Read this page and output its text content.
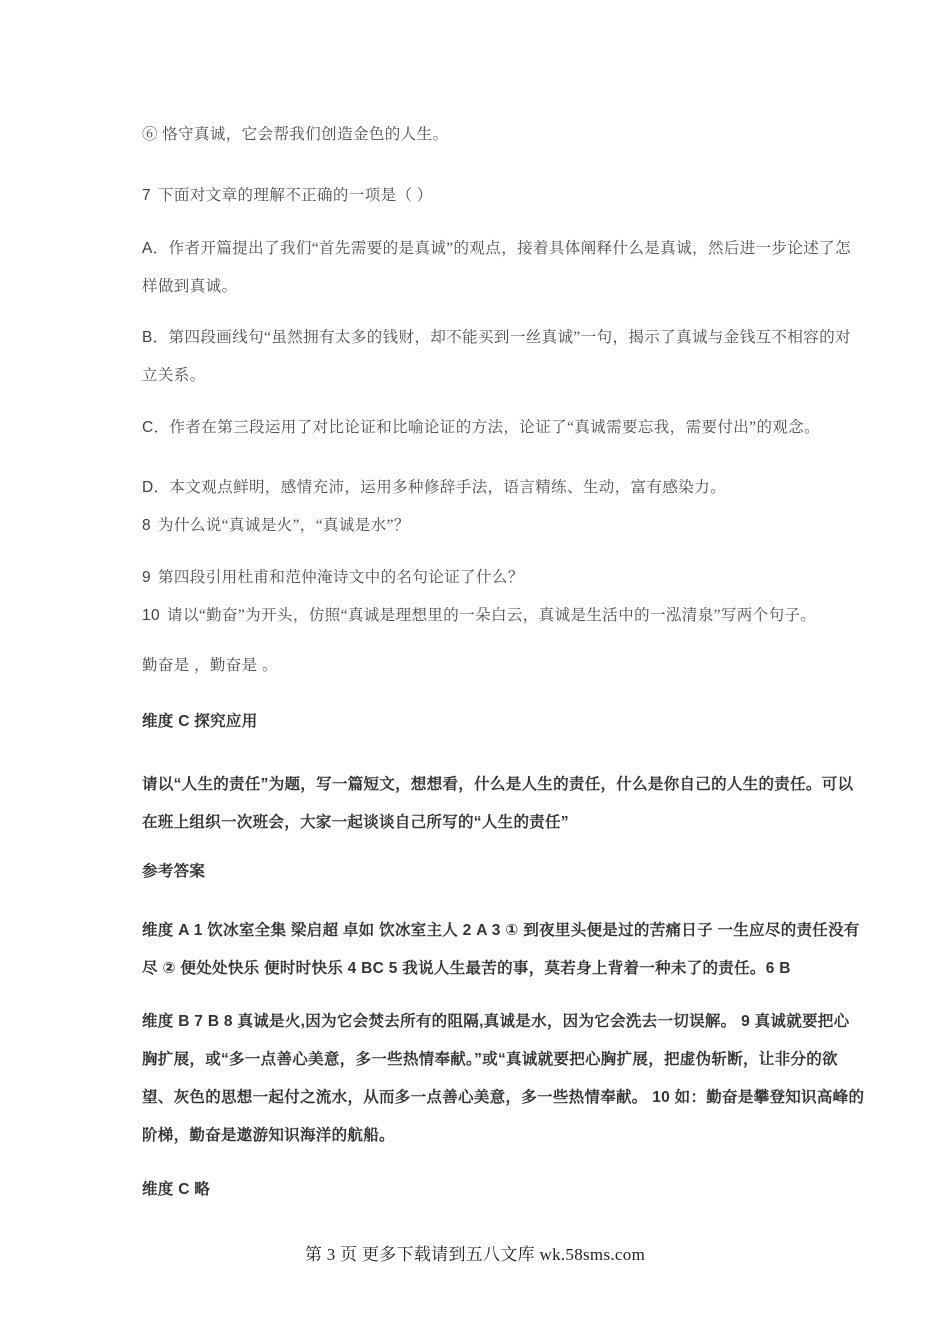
⑥ 恪守真诚，它会帮我们创造金色的人生。
7 下面对文章的理解不正确的一项是（ ）
A．作者开篇提出了我们“首先需要的是真诚”的观点，接着具体阐释什么是真诚，然后进一步论述了怎
样做到真诚。
B．第四段画线句“虽然拥有太多的钱财，却不能买到一丝真诚”一句，揭示了真诚与金钱互不相容的对
立关系。
C．作者在第三段运用了对比论证和比喻论证的方法，论证了“真诚需要忘我，需要付出”的观念。
D．本文观点鲜明，感情充沛，运用多种修辞手法，语言精练、生动，富有感染力。
8 为什么说“真诚是火”，“真诚是水”？
9 第四段引用杜甫和范仲淹诗文中的名句论证了什么？
10 请以“勤奋”为开头，仿照“真诚是理想里的一朵白云，真诚是生活中的一泓清泉”写两个句子。
勤奋是 ，勤奋是 。
维度 C 探究应用
请以“人生的责任”为题，写一篇短文，想想看，什么是人生的责任，什么是你自己的人生的责任。可以
在班上组织一次班会，大家一起谈谈自己所写的“人生的责任”
参考答案
维度 A 1 饮冰室全集 梁启超 卓如 饮冰室主人 2 A 3 ① 到夜里头便是过的苦痛日子 一生应尽的责任没有
尽 ② 便处处快乐 便时时快乐 4 BC 5 我说人生最苦的事，莫若身上背着一种未了的责任。6 B
维度 B 7 B 8 真诚是火,因为它会焚去所有的阻隔,真诚是水，因为它会洗去一切误解。 9 真诚就要把心
胸扩展，或“多一点善心美意，多一些热情奉献。”或“真诚就要把心胸扩展，把虚伪斩断，让非分的欲
望、灰色的思想一起付之流水，从而多一点善心美意，多一些热情奉献。 10 如：勤奋是攀登知识高峰的
阶梯，勤奋是遨游知识海洋的航船。
维度 C 略
第 3 页 更多下载请到五八文库 wk.58sms.com
